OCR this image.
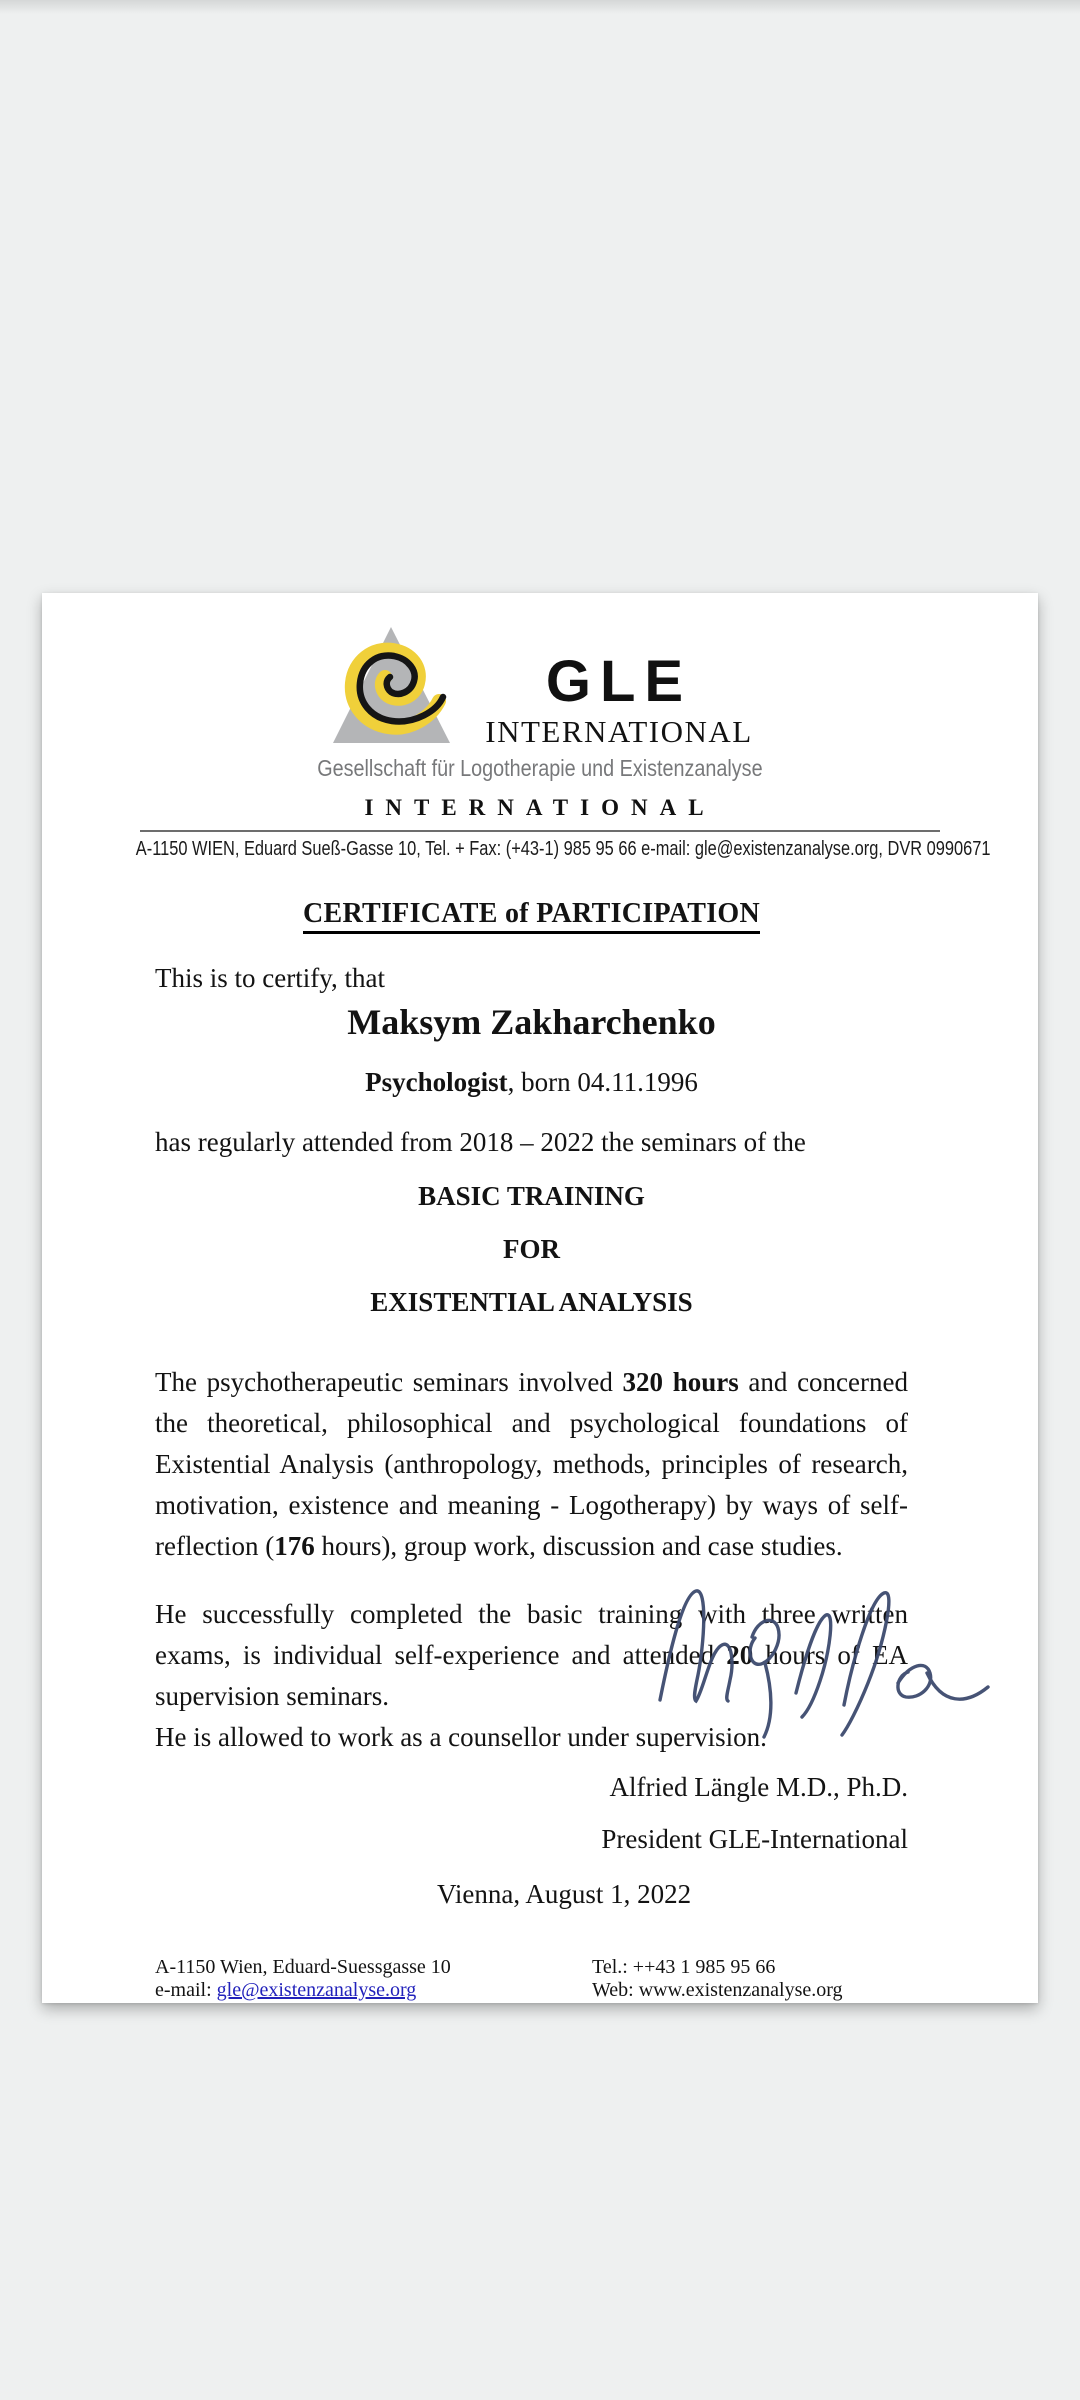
GLE
INTERNATIONAL
Gesellschaft für Logotherapie und Existenzanalyse
INTERNATIONAL
A-1150 WIEN, Eduard Sueß-Gasse 10, Tel. + Fax: (+43-1) 985 95 66 e-mail: gle@existenzanalyse.org, DVR 0990671
CERTIFICATE of PARTICIPATION
This is to certify, that
Maksym Zakharchenko
Psychologist, born 04.11.1996
has regularly attended from 2018 – 2022 the seminars of the
BASIC TRAINING
FOR
EXISTENTIAL ANALYSIS
The psychotherapeutic seminars involved 320 hours and concerned the theoretical, philosophical and psychological foundations of Existential Analysis (anthropology, methods, principles of research, motivation, existence and meaning - Logotherapy) by ways of self-reflection (176 hours), group work, discussion and case studies.
He successfully completed the basic training with three written exams, is individual self-experience and attended 20 hours of EA supervision seminars.
He is allowed to work as a counsellor under supervision.
Alfried Längle M.D., Ph.D.
President GLE-International
Vienna, August 1, 2022
A-1150 Wien, Eduard-Suessgasse 10
e-mail: gle@existenzanalyse.org
Tel.: ++43 1 985 95 66
Web: www.existenzanalyse.org
